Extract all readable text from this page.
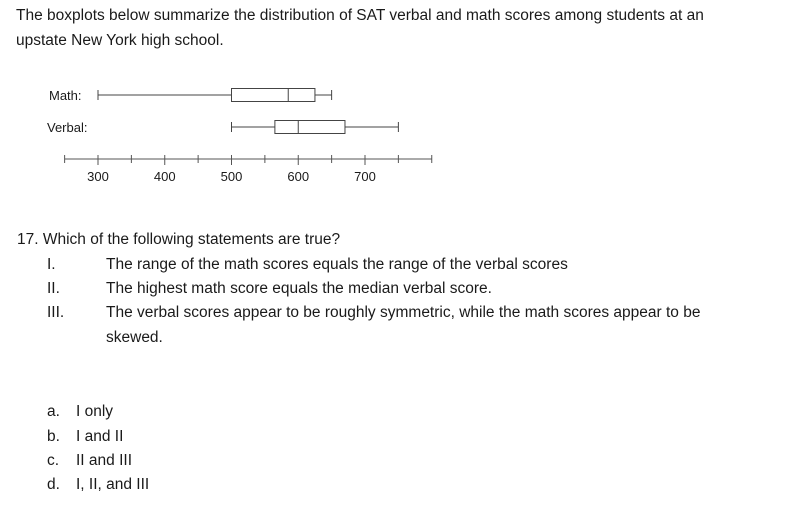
The boxplots below summarize the distribution of SAT verbal and math scores among students at an
upstate New York high school.
Math:
Verbal:
300	400	500	600	700
17. Which of the following statements are true?
I.	The range of the math scores equals the range of the verbal scores
II.	The highest math score equals the median verbal score.
III.	The verbal scores appear to be roughly symmetric, while the math scores appear to be
skewed.
a. I only
b. I and II
c. II and III
d. I, II, and III
